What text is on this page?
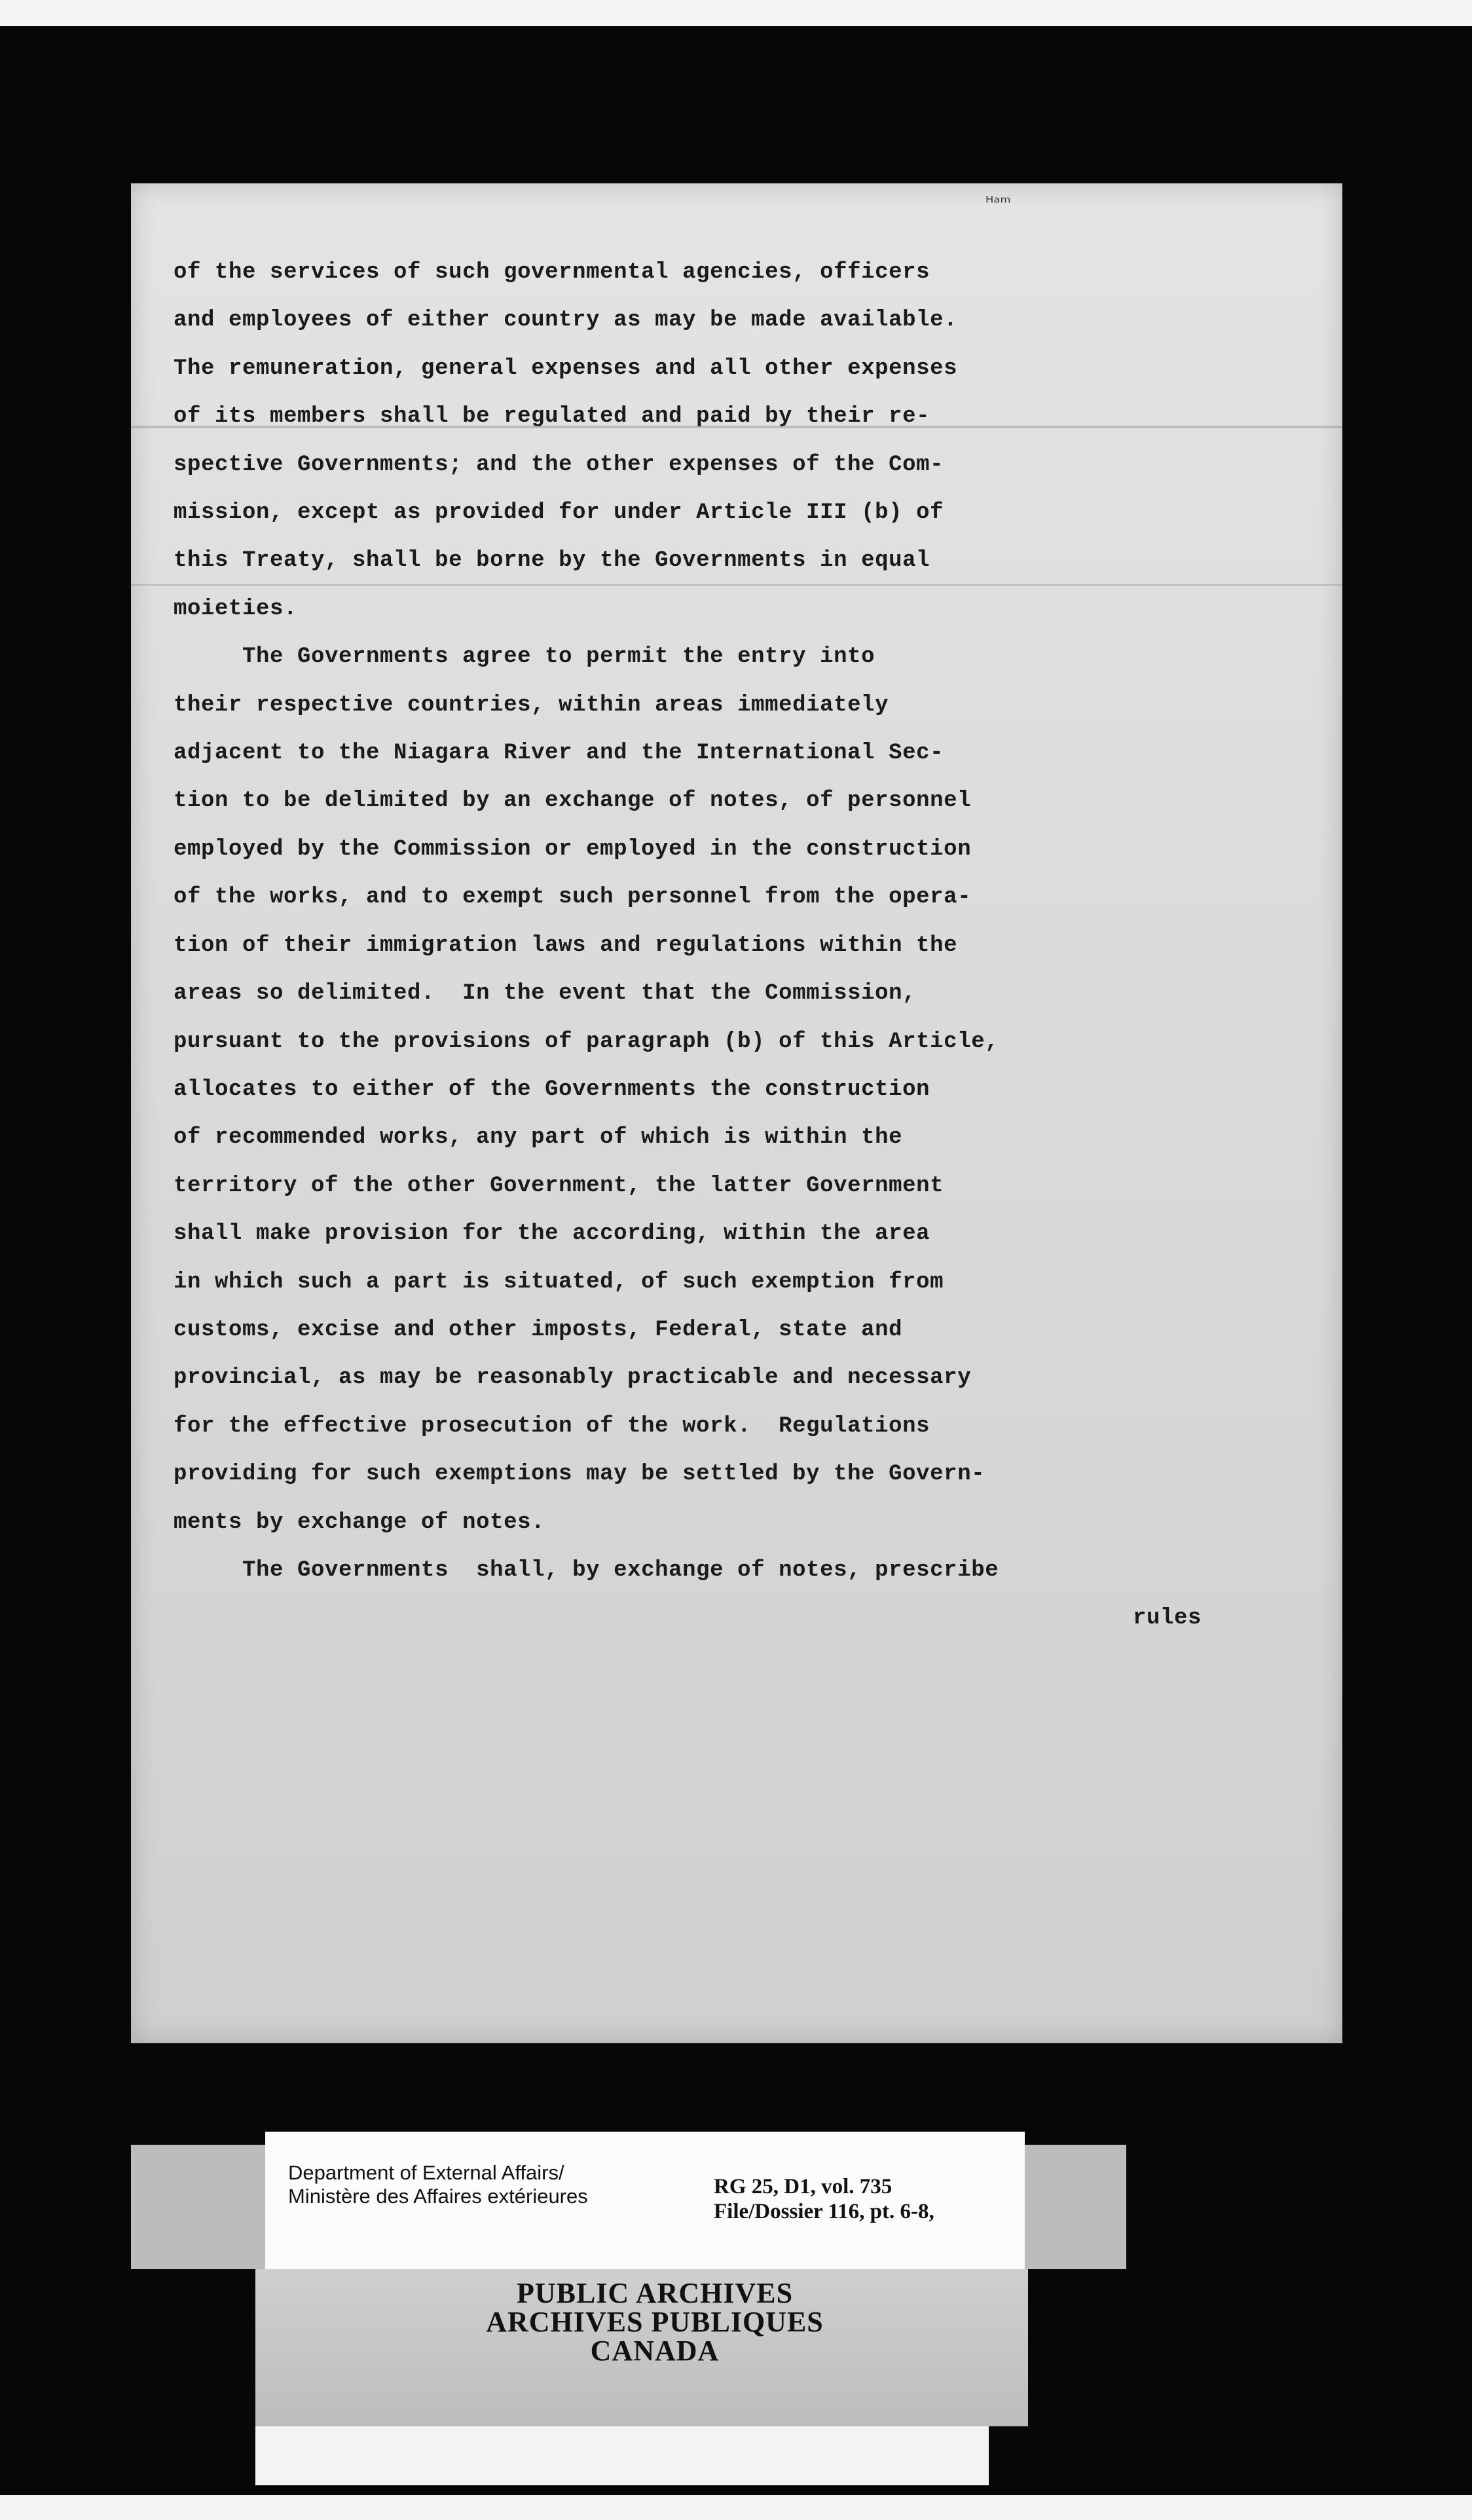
ᴴᵃᵐ

of the services of such governmental agencies, officers

and employees of either country as may be made available.

The remuneration, general expenses and all other expenses

of its members shall be regulated and paid by their re-

spective Governments; and the other expenses of the Com-

mission, except as provided for under Article III (b) of

this Treaty, shall be borne by the Governments in equal

moieties.

The Governments agree to permit the entry into

their respective countries, within areas immediately

adjacent to the Niagara River and the International Sec-

tion to be delimited by an exchange of notes, of personnel

employed by the Commission or employed in the construction

of the works, and to exempt such personnel from the opera-

tion of their immigration laws and regulations within the

areas so delimited.  In the event that the Commission,

pursuant to the provisions of paragraph (b) of this Article,

allocates to either of the Governments the construction

of recommended works, any part of which is within the

territory of the other Government, the latter Government

shall make provision for the according, within the area

in which such a part is situated, of such exemption from

customs, excise and other imposts, Federal, state and

provincial, as may be reasonably practicable and necessary

for the effective prosecution of the work.  Regulations

providing for such exemptions may be settled by the Govern-

ments by exchange of notes.

The Governments  shall, by exchange of notes, prescribe

rules

Department of External Affairs/
Ministère des Affaires extérieures	RG 25, D1, vol. 735
File/Dossier 116, pt. 6-8,
PUBLIC ARCHIVES
ARCHIVES PUBLIQUES
CANADA
